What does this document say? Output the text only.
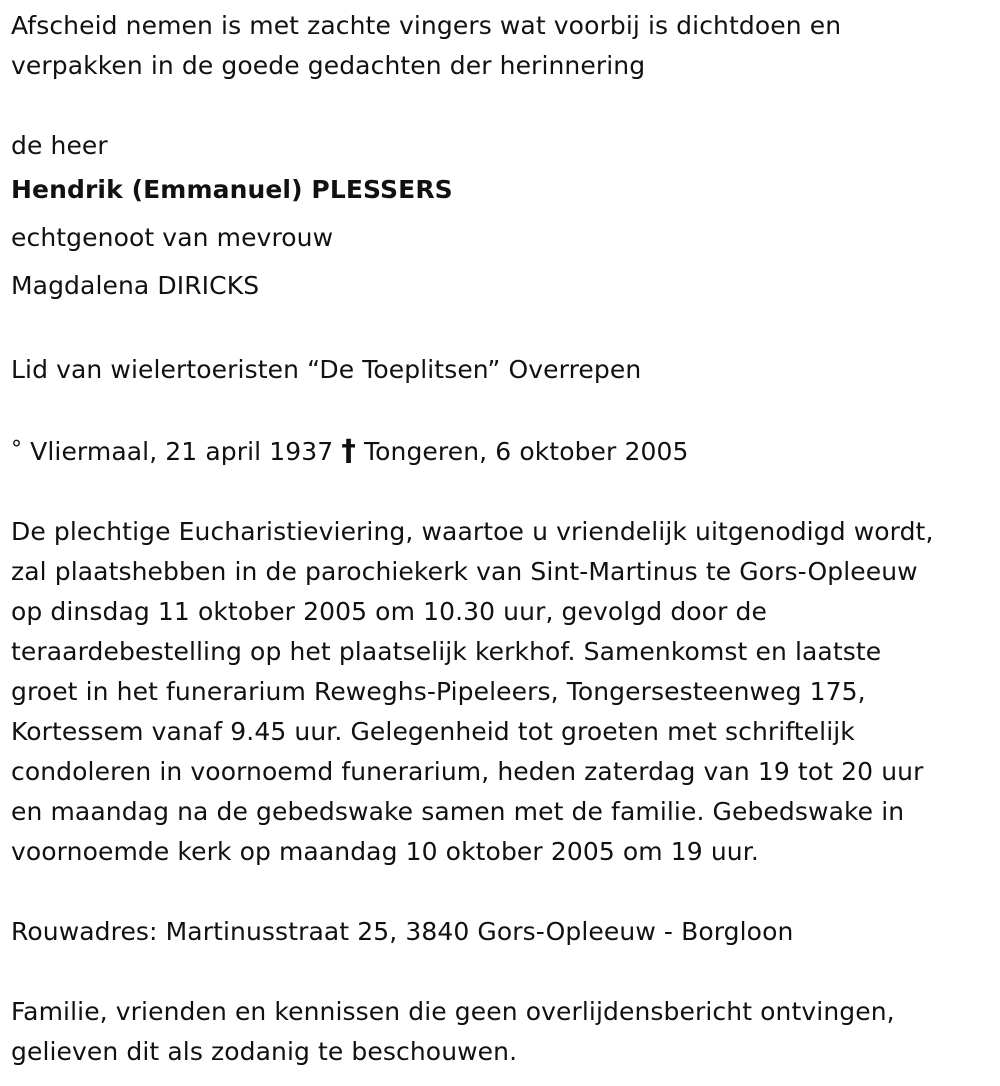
Afscheid nemen is met zachte vingers wat voorbij is dichtdoen en
verpakken in de goede gedachten der herinnering
de heer
Hendrik (Emmanuel) PLESSERS
echtgenoot van mevrouw
Magdalena DIRICKS
Lid van wielertoeristen “De Toeplitsen” Overrepen
° Vliermaal, 21 april 1937 † Tongeren, 6 oktober 2005
De plechtige Eucharistieviering, waartoe u vriendelijk uitgenodigd wordt,
zal plaatshebben in de parochiekerk van Sint-Martinus te Gors-Opleeuw
op dinsdag 11 oktober 2005 om 10.30 uur, gevolgd door de
teraardebestelling op het plaatselijk kerkhof. Samenkomst en laatste
groet in het funerarium Reweghs-Pipeleers, Tongersesteenweg 175,
Kortessem vanaf 9.45 uur. Gelegenheid tot groeten met schriftelijk
condoleren in voornoemd funerarium, heden zaterdag van 19 tot 20 uur
en maandag na de gebedswake samen met de familie. Gebedswake in
voornoemde kerk op maandag 10 oktober 2005 om 19 uur.
Rouwadres: Martinusstraat 25, 3840 Gors-Opleeuw - Borgloon
Familie, vrienden en kennissen die geen overlijdensbericht ontvingen,
gelieven dit als zodanig te beschouwen.
